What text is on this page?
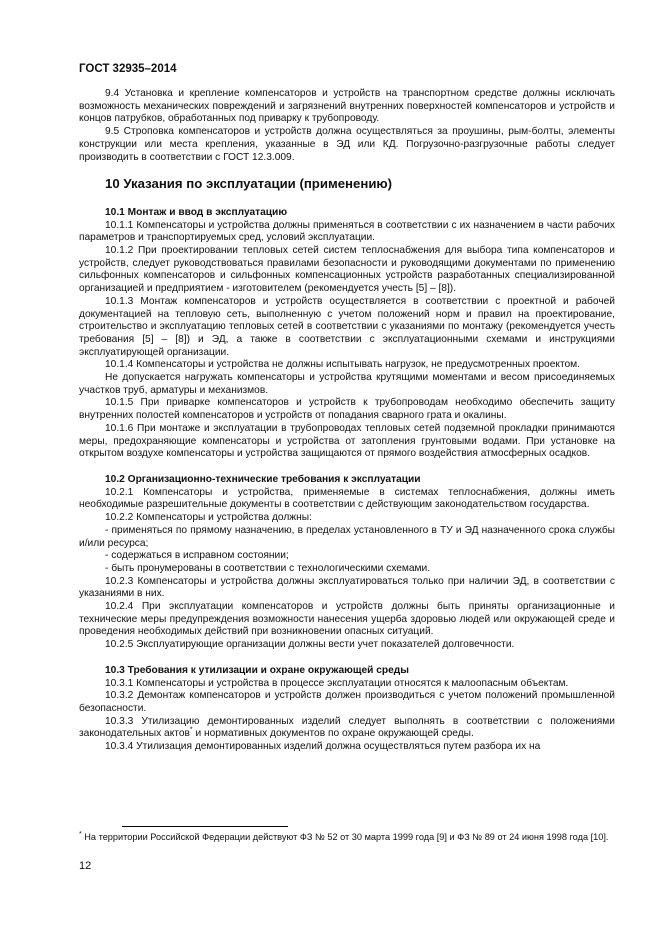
ГОСТ 32935–2014

9.4 Установка и крепление компенсаторов и устройств на транспортном средстве должны исключать возможность механических повреждений и загрязнений внутренних поверхностей компенсаторов и устройств и концов патрубков, обработанных под приварку к трубопроводу.

9.5 Строповка компенсаторов и устройств должна осуществляться за проушины, рым-болты, элементы конструкции или места крепления, указанные в ЭД или КД. Погрузочно-разгрузочные работы следует производить в соответствии с ГОСТ 12.3.009.

10 Указания по эксплуатации (применению)

10.1 Монтаж и ввод в эксплуатацию

10.1.1 Компенсаторы и устройства должны применяться в соответствии с их назначением в части рабочих параметров и транспортируемых сред, условий эксплуатации.

10.1.2 При проектировании тепловых сетей систем теплоснабжения для выбора типа компенсаторов и устройств, следует руководствоваться правилами безопасности и руководящими документами по применению сильфонных компенсаторов и сильфонных компенсационных устройств разработанных специализированной организацией и предприятием - изготовителем (рекомендуется учесть [5] – [8]).

10.1.3 Монтаж компенсаторов и устройств осуществляется в соответствии с проектной и рабочей документацией на тепловую сеть, выполненную с учетом положений норм и правил на проектирование, строительство и эксплуатацию тепловых сетей в соответствии с указаниями по монтажу (рекомендуется учесть требования [5] – [8]) и ЭД, а также в соответствии с эксплуатационными схемами и инструкциями эксплуатирующей организации.

10.1.4 Компенсаторы и устройства не должны испытывать нагрузок, не предусмотренных проектом.

Не допускается нагружать компенсаторы и устройства крутящими моментами и весом присоединяемых участков труб, арматуры и механизмов.

10.1.5 При приварке компенсаторов и устройств к трубопроводам необходимо обеспечить защиту внутренних полостей компенсаторов и устройств от попадания сварного грата и окалины.

10.1.6 При монтаже и эксплуатации в трубопроводах тепловых сетей подземной прокладки принимаются меры, предохраняющие компенсаторы и устройства от затопления грунтовыми водами. При установке на открытом воздухе компенсаторы и устройства защищаются от прямого воздействия атмосферных осадков.

10.2 Организационно-технические требования к эксплуатации

10.2.1 Компенсаторы и устройства, применяемые в системах теплоснабжения, должны иметь необходимые разрешительные документы в соответствии с действующим законодательством государства.

10.2.2 Компенсаторы и устройства должны:

- применяться по прямому назначению, в пределах установленного в ТУ и ЭД назначенного срока службы и/или ресурса;

- содержаться в исправном состоянии;

- быть пронумерованы в соответствии с технологическими схемами.

10.2.3 Компенсаторы и устройства должны эксплуатироваться только при наличии ЭД, в соответствии с указаниями в них.

10.2.4 При эксплуатации компенсаторов и устройств должны быть приняты организационные и технические меры предупреждения возможности нанесения ущерба здоровью людей или окружающей среде и проведения необходимых действий при возникновении опасных ситуаций.

10.2.5 Эксплуатирующие организации должны вести учет показателей долговечности.

10.3 Требования к утилизации и охране окружающей среды

10.3.1 Компенсаторы и устройства в процессе эксплуатации относятся к малоопасным объектам.

10.3.2 Демонтаж компенсаторов и устройств должен производиться с учетом положений промышленной безопасности.

10.3.3 Утилизацию демонтированных изделий следует выполнять в соответствии с положениями законодательных актов* и нормативных документов по охране окружающей среды.

10.3.4 Утилизация демонтированных изделий должна осуществляться путем разбора их на

* На территории Российской Федерации действуют ФЗ № 52 от 30 марта 1999 года [9] и ФЗ № 89 от 24 июня 1998 года [10].
12
